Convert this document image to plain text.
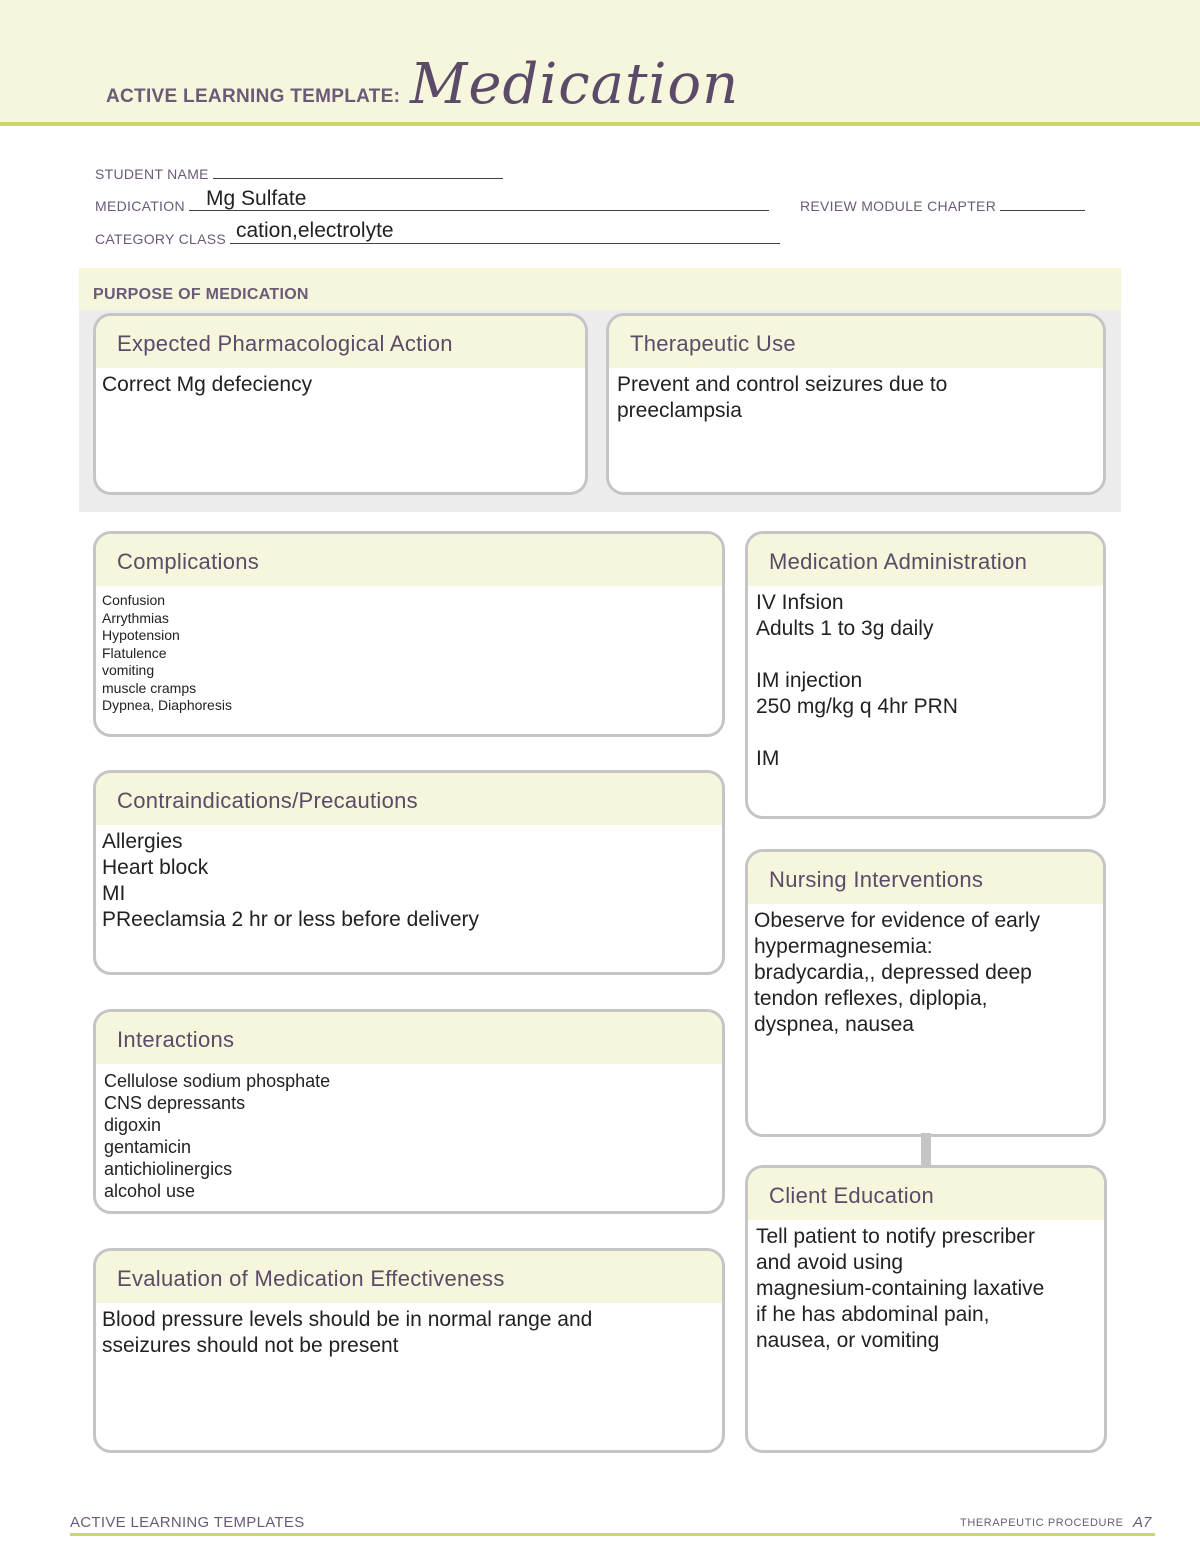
ACTIVE LEARNING TEMPLATE: Medication
STUDENT NAME
MEDICATION	Mg Sulfate	REVIEW MODULE CHAPTER
CATEGORY CLASS cation,electrolyte
PURPOSE OF MEDICATION
Expected Pharmacological Action

Correct Mg defeciency

Therapeutic Use

Prevent and control seizures due to

preeclampsia

Complications

Confusion

Arrythmias

Hypotension

Flatulence

vomiting

muscle cramps

Dypnea, Diaphoresis

Contraindications/Precautions

Allergies

Heart block

MI

PReeclamsia 2 hr or less before delivery

Interactions

Cellulose sodium phosphate

CNS depressants

digoxin

gentamicin

antichiolinergics

alcohol use

Evaluation of Medication Effectiveness

Blood pressure levels should be in normal range and

sseizures should not be present

Medication Administration

IV Infsion

Adults 1 to 3g daily

IM injection

250 mg/kg q 4hr PRN

IM

Nursing Interventions

Obeserve for evidence of early

hypermagnesemia:

bradycardia,, depressed deep

tendon reflexes, diplopia,

dyspnea, nausea

Client Education

Tell patient to notify prescriber

and avoid using

magnesium-containing laxative

if he has abdominal pain,

nausea, or vomiting

ACTIVE LEARNING TEMPLATES	THERAPEUTIC PROCEDURE A7
